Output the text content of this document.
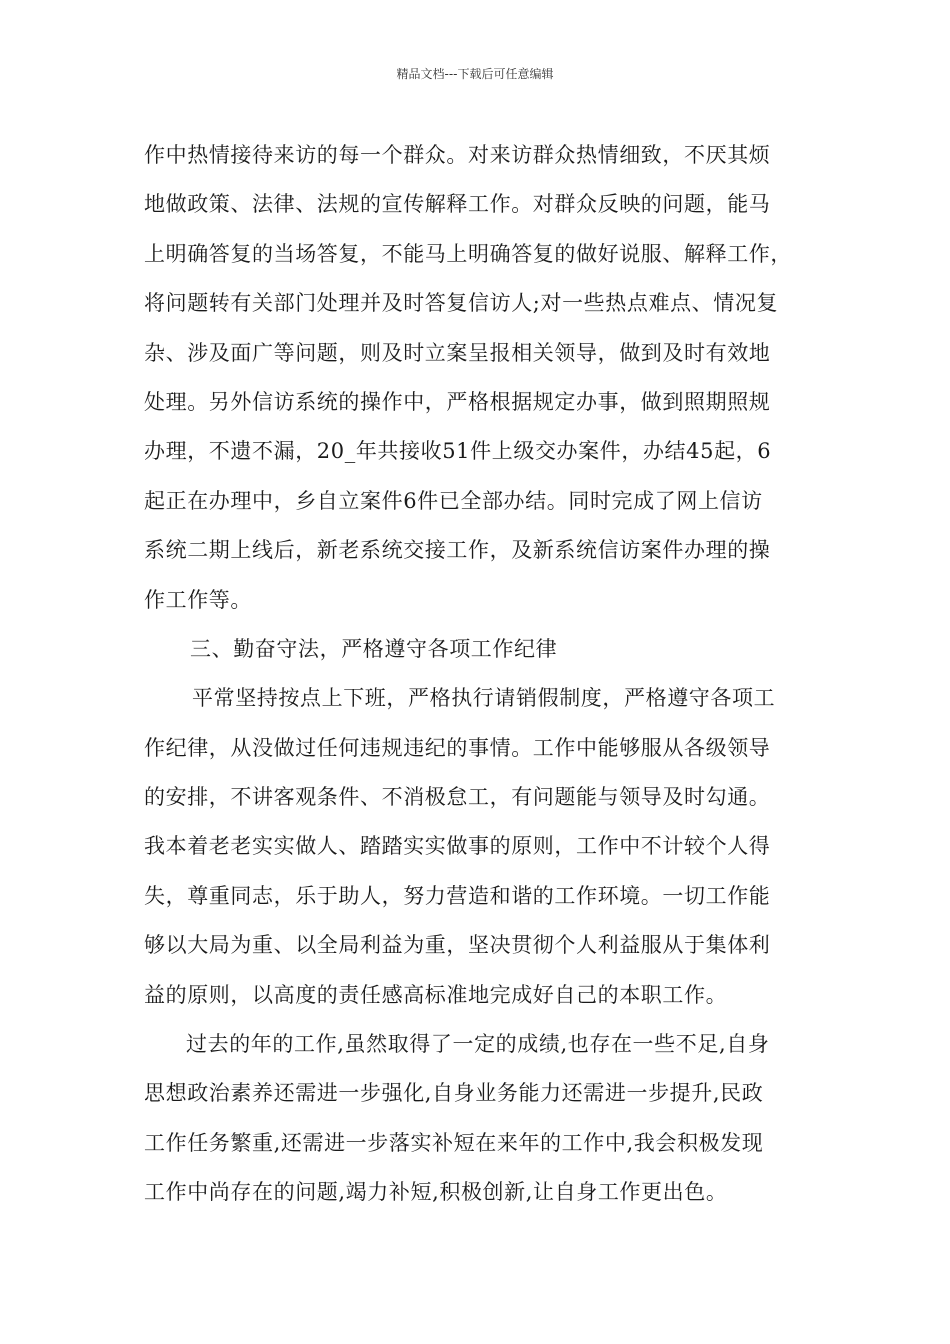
精品文档---下载后可任意编辑
作中热情接待来访的每一个群众。对来访群众热情细致，不厌其烦
地做政策、法律、法规的宣传解释工作。对群众反映的问题，能马
上明确答复的当场答复，不能马上明确答复的做好说服、解释工作，
将问题转有关部门处理并及时答复信访人;对一些热点难点、情况复
杂、涉及面广等问题，则及时立案呈报相关领导，做到及时有效地
处理。另外信访系统的操作中，严格根据规定办事，做到照期照规
办理，不遗不漏，20_年共接收51件上级交办案件，办结45起，6
起正在办理中，乡自立案件6件已全部办结。同时完成了网上信访
系统二期上线后，新老系统交接工作，及新系统信访案件办理的操
作工作等。
三、勤奋守法，严格遵守各项工作纪律
平常坚持按点上下班，严格执行请销假制度，严格遵守各项工
作纪律，从没做过任何违规违纪的事情。工作中能够服从各级领导
的安排，不讲客观条件、不消极怠工，有问题能与领导及时勾通。
我本着老老实实做人、踏踏实实做事的原则，工作中不计较个人得
失，尊重同志，乐于助人，努力营造和谐的工作环境。一切工作能
够以大局为重、以全局利益为重，坚决贯彻个人利益服从于集体利
益的原则，以高度的责任感高标准地完成好自己的本职工作。
过去的年的工作,虽然取得了一定的成绩,也存在一些不足,自身
思想政治素养还需进一步强化,自身业务能力还需进一步提升,民政
工作任务繁重,还需进一步落实补短在来年的工作中,我会积极发现
工作中尚存在的问题,竭力补短,积极创新,让自身工作更出色。
